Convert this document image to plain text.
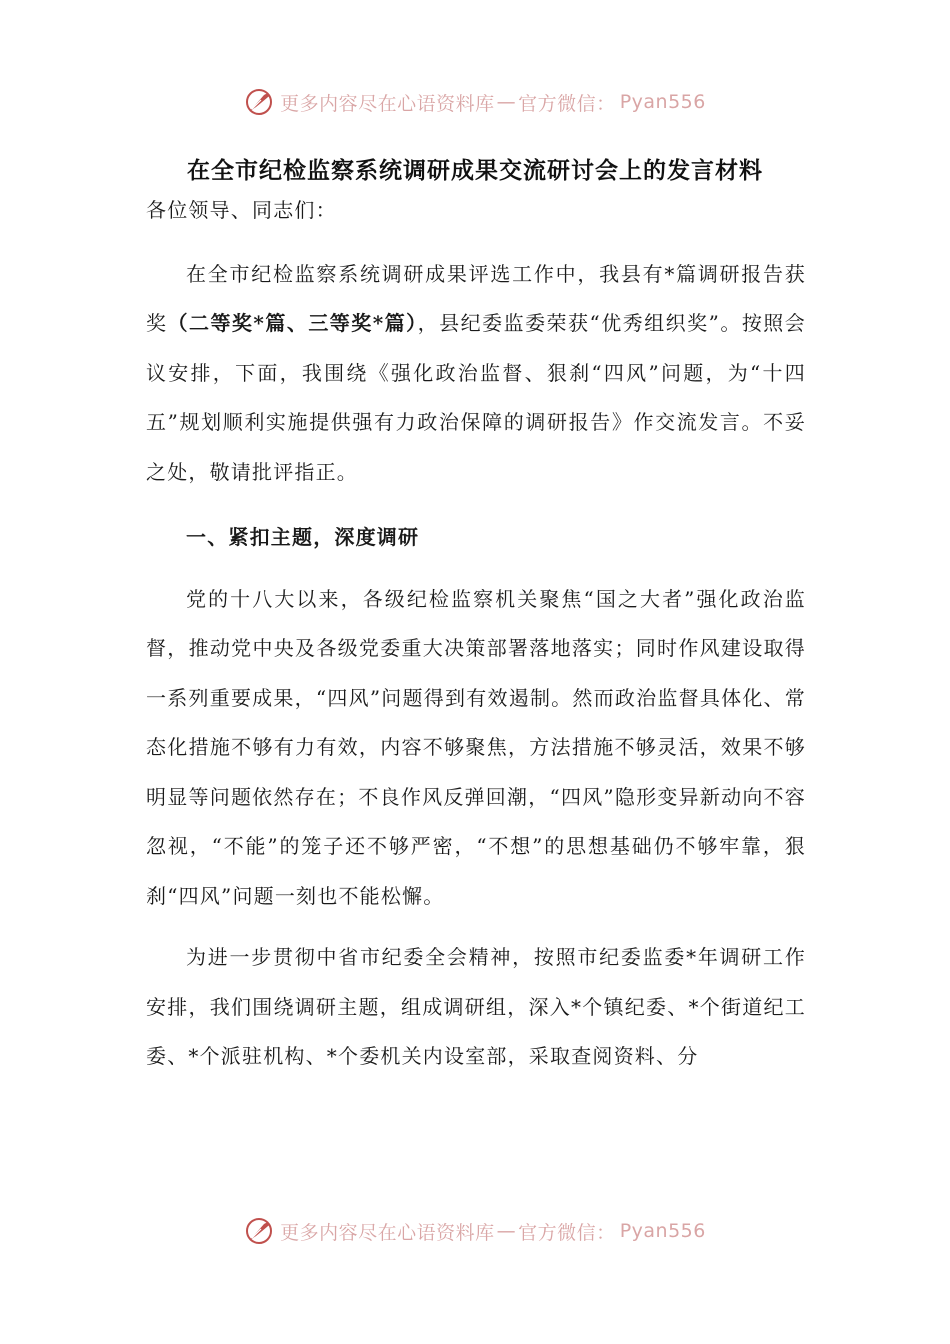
更多内容尽在心语资料库 — 官方微信： Pyan556
在全市纪检监察系统调研成果交流研讨会上的发言材料

各位领导、同志们：

在全市纪检监察系统调研成果评选工作中，我县有*篇调研报告获奖（二等奖*篇、三等奖*篇），县纪委监委荣获“优秀组织奖”。按照会议安排，下面，我围绕《强化政治监督、狠刹“四风”问题，为“十四五”规划顺利实施提供强有力政治保障的调研报告》作交流发言。不妥之处，敬请批评指正。

一、紧扣主题，深度调研

党的十八大以来，各级纪检监察机关聚焦“国之大者”强化政治监督，推动党中央及各级党委重大决策部署落地落实；同时作风建设取得一系列重要成果，“四风”问题得到有效遏制。然而政治监督具体化、常态化措施不够有力有效，内容不够聚焦，方法措施不够灵活，效果不够明显等问题依然存在；不良作风反弹回潮，“四风”隐形变异新动向不容忽视，“不能”的笼子还不够严密，“不想”的思想基础仍不够牢靠，狠刹“四风”问题一刻也不能松懈。

为进一步贯彻中省市纪委全会精神，按照市纪委监委*年调研工作安排，我们围绕调研主题，组成调研组，深入*个镇纪委、*个街道纪工委、*个派驻机构、*个委机关内设室部，采取查阅资料、分

更多内容尽在心语资料库 — 官方微信： Pyan556
